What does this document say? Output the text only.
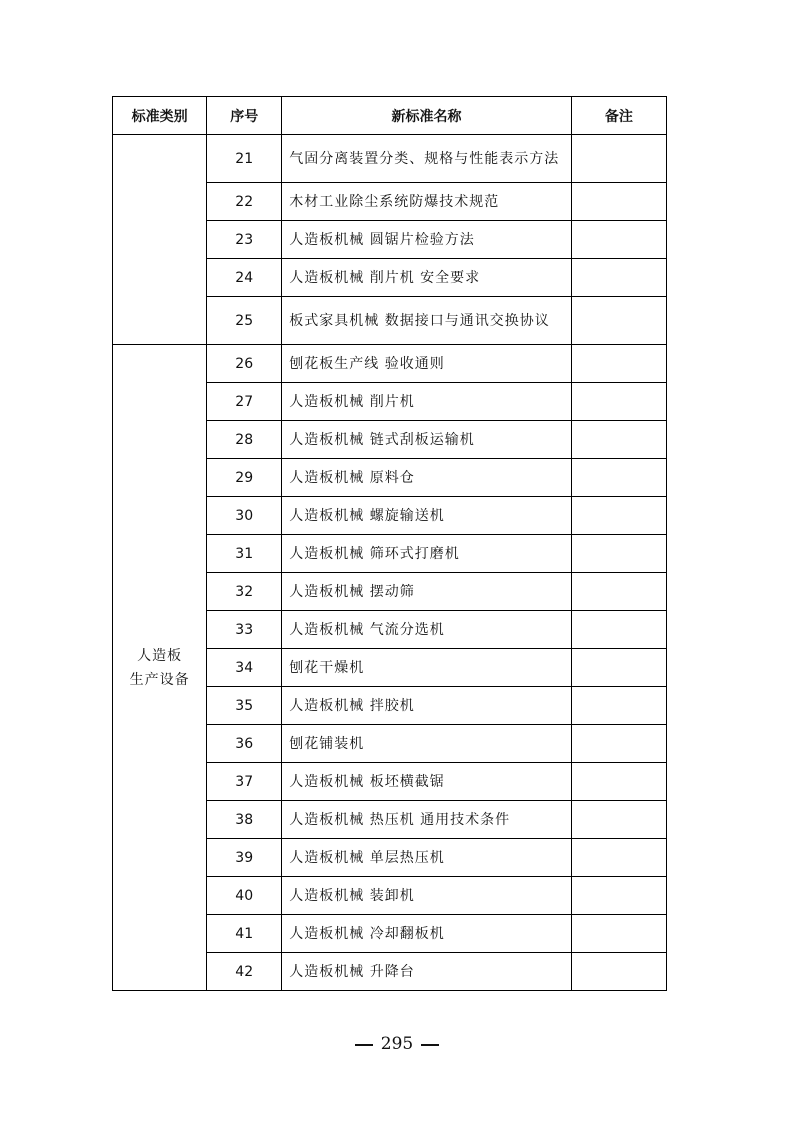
标准类别	序号	新标准名称	备注
	21	气固分离装置分类、规格与性能表示方法	
	22	木材工业除尘系统防爆技术规范	
	23	人造板机械 圆锯片检验方法	
	24	人造板机械 削片机 安全要求	
	25	板式家具机械 数据接口与通讯交换协议	
人造板
生产设备	26	刨花板生产线 验收通则	
	27	人造板机械 削片机	
	28	人造板机械 链式刮板运输机	
	29	人造板机械 原料仓	
	30	人造板机械 螺旋输送机	
	31	人造板机械 筛环式打磨机	
	32	人造板机械 摆动筛	
	33	人造板机械 气流分选机	
	34	刨花干燥机	
	35	人造板机械 拌胶机	
	36	刨花铺装机	
	37	人造板机械 板坯横截锯	
	38	人造板机械 热压机 通用技术条件	
	39	人造板机械 单层热压机	
	40	人造板机械 装卸机	
	41	人造板机械 冷却翻板机	
	42	人造板机械 升降台	
295
